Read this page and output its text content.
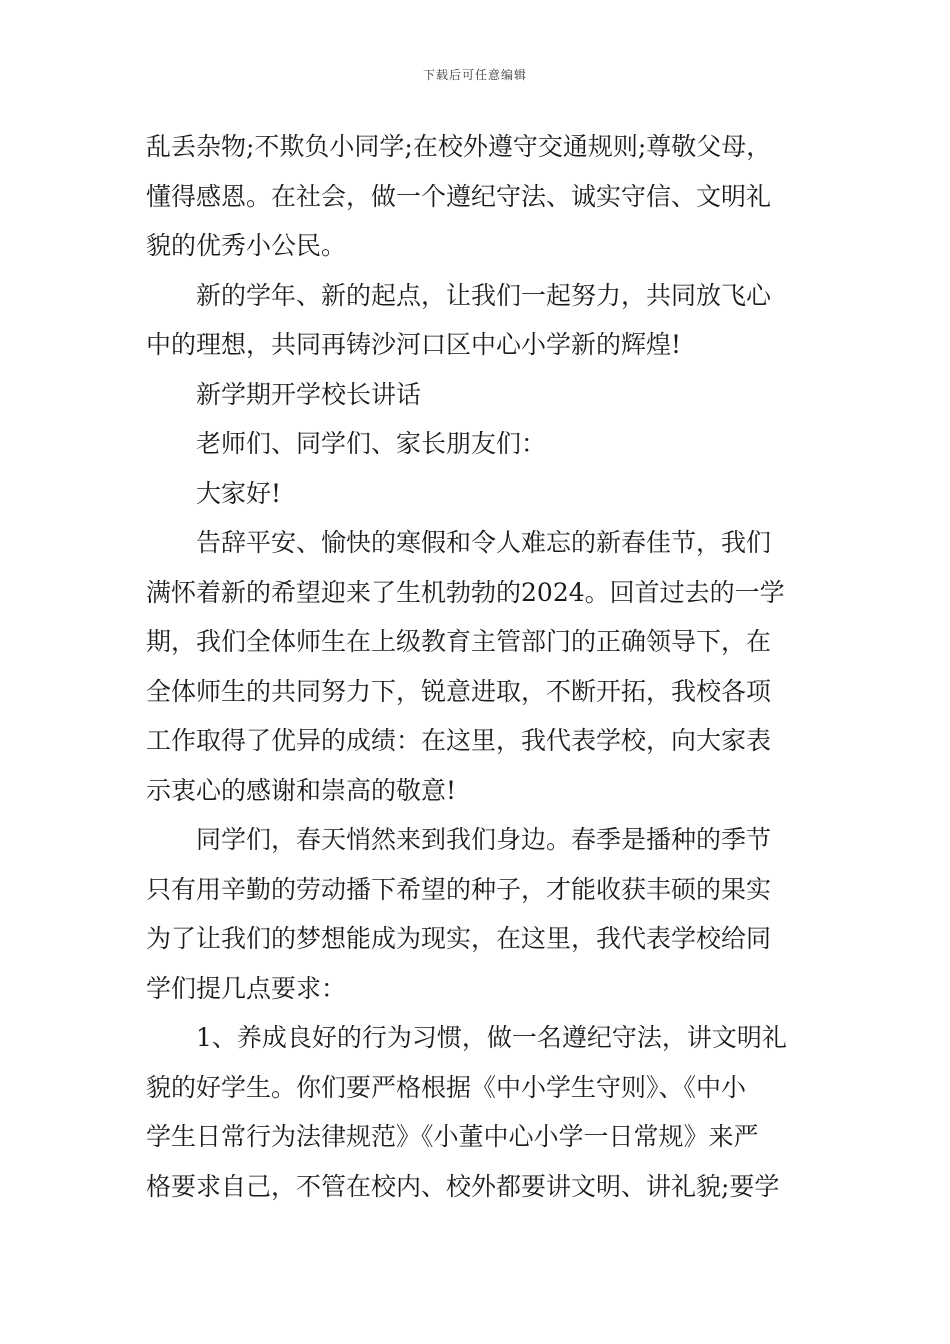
下载后可任意编辑
乱丢杂物;不欺负小同学;在校外遵守交通规则;尊敬父母，
懂得感恩。在社会，做一个遵纪守法、诚实守信、文明礼
貌的优秀小公民。
新的学年、新的起点，让我们一起努力，共同放飞心
中的理想，共同再铸沙河口区中心小学新的辉煌!
新学期开学校长讲话
老师们、同学们、家长朋友们：
大家好!
告辞平安、愉快的寒假和令人难忘的新春佳节，我们
满怀着新的希望迎来了生机勃勃的2024。回首过去的一学
期，我们全体师生在上级教育主管部门的正确领导下，在
全体师生的共同努力下，锐意进取，不断开拓，我校各项
工作取得了优异的成绩：在这里，我代表学校，向大家表
示衷心的感谢和崇高的敬意!
同学们，春天悄然来到我们身边。春季是播种的季节
只有用辛勤的劳动播下希望的种子，才能收获丰硕的果实
为了让我们的梦想能成为现实，在这里，我代表学校给同
学们提几点要求：
1、养成良好的行为习惯，做一名遵纪守法，讲文明礼
貌的好学生。你们要严格根据《中小学生守则》、《中小
学生日常行为法律规范》《小董中心小学一日常规》来严
格要求自己，不管在校内、校外都要讲文明、讲礼貌;要学
